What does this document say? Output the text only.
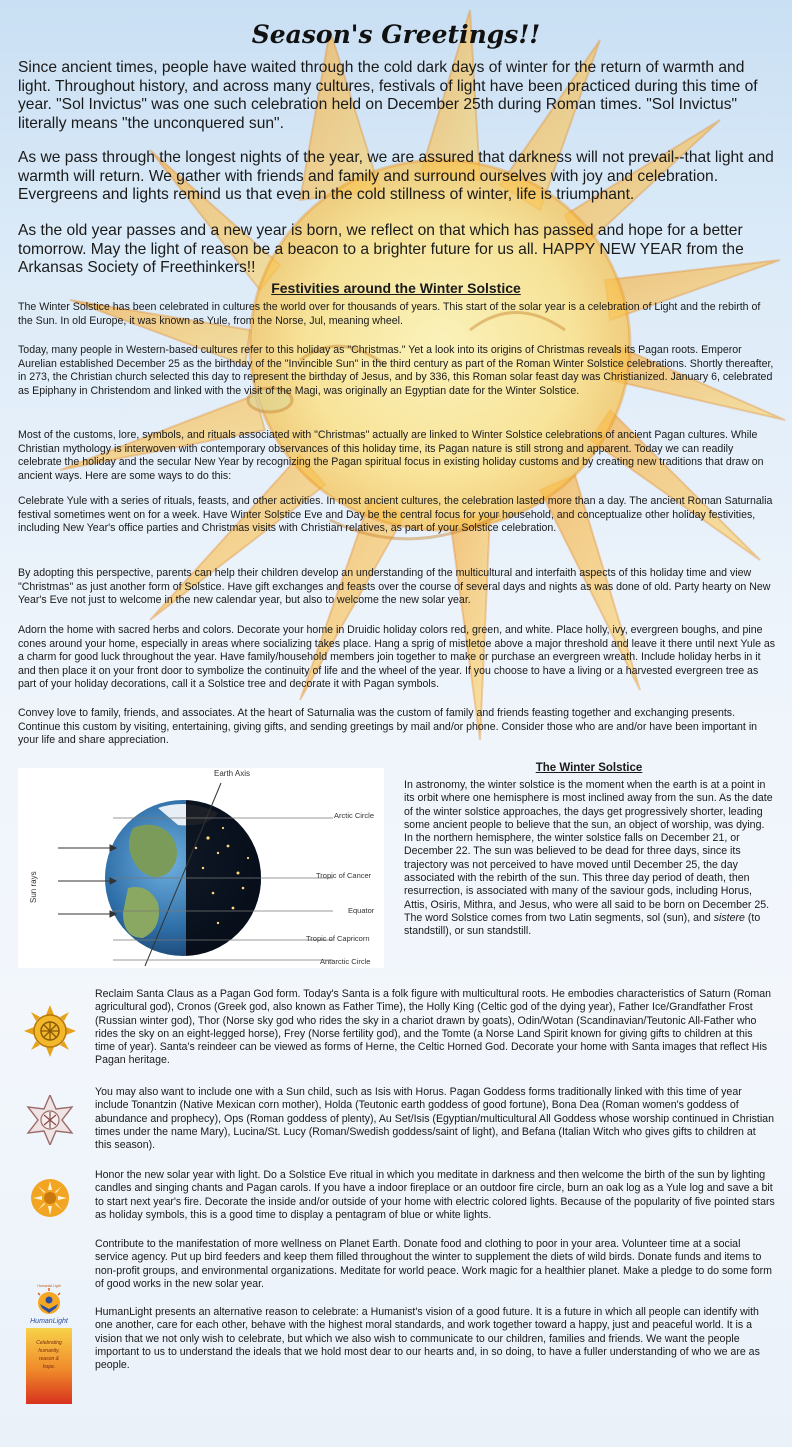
Season's Greetings!!

Since ancient times, people have waited through the cold dark days of winter for the return of warmth and light. Throughout history, and across many cultures, festivals of light have been practiced during this time of year. "Sol Invictus" was one such celebration held on December 25th during Roman times. "Sol Invictus" literally means "the unconquered sun".

As we pass through the longest nights of the year, we are assured that darkness will not prevail--that light and warmth will return. We gather with friends and family and surround ourselves with joy and celebration. Evergreens and lights remind us that even in the cold stillness of winter, life is triumphant.

As the old year passes and a new year is born, we reflect on that which has passed and hope for a better tomorrow. May the light of reason be a beacon to a brighter future for us all. HAPPY NEW YEAR from the Arkansas Society of Freethinkers!!

Festivities around the Winter Solstice

The Winter Solstice has been celebrated in cultures the world over for thousands of years. This start of the solar year is a celebration of Light and the rebirth of the Sun. In old Europe, it was known as Yule, from the Norse, Jul, meaning wheel.

Today, many people in Western-based cultures refer to this holiday as "Christmas." Yet a look into its origins of Christmas reveals its Pagan roots. Emperor Aurelian established December 25 as the birthday of the "Invincible Sun" in the third century as part of the Roman Winter Solstice celebrations. Shortly thereafter, in 273, the Christian church selected this day to represent the birthday of Jesus, and by 336, this Roman solar feast day was Christianized. January 6, celebrated as Epiphany in Christendom and linked with the visit of the Magi, was originally an Egyptian date for the Winter Solstice.

Most of the customs, lore, symbols, and rituals associated with "Christmas" actually are linked to Winter Solstice celebrations of ancient Pagan cultures. While Christian mythology is interwoven with contemporary observances of this holiday time, its Pagan nature is still strong and apparent. Today we can readily celebrate the holiday and the secular New Year by recognizing the Pagan spiritual focus in existing holiday customs and by creating new traditions that draw on ancient ways. Here are some ways to do this:

Celebrate Yule with a series of rituals, feasts, and other activities. In most ancient cultures, the celebration lasted more than a day. The ancient Roman Saturnalia festival sometimes went on for a week. Have Winter Solstice Eve and Day be the central focus for your household, and conceptualize other holiday festivities, including New Year's office parties and Christmas visits with Christian relatives, as part of your Solstice celebration.

By adopting this perspective, parents can help their children develop an understanding of the multicultural and interfaith aspects of this holiday time and view "Christmas" as just another form of Solstice. Have gift exchanges and feasts over the course of several days and nights as was done of old. Party hearty on New Year's Eve not just to welcome in the new calendar year, but also to welcome the new solar year.

Adorn the home with sacred herbs and colors. Decorate your home in Druidic holiday colors red, green, and white. Place holly, ivy, evergreen boughs, and pine cones around your home, especially in areas where socializing takes place. Hang a sprig of mistletoe above a major threshold and leave it there until next Yule as a charm for good luck throughout the year. Have family/household members join together to make or purchase an evergreen wreath. Include holiday herbs in it and then place it on your front door to symbolize the continuity of life and the wheel of the year. If you choose to have a living or a harvested evergreen tree as part of your holiday decorations, call it a Solstice tree and decorate it with Pagan symbols.

Convey love to family, friends, and associates. At the heart of Saturnalia was the custom of family and friends feasting together and exchanging presents. Continue this custom by visiting, entertaining, giving gifts, and sending greetings by mail and/or phone. Consider those who are and/or have been important in your life and share appreciation.

Earth Axis
Sun rays
Arctic Circle
Tropic of Cancer
Equator
Tropic of Capricorn
Antarctic Circle
The Winter Solstice

In astronomy, the winter solstice is the moment when the earth is at a point in its orbit where one hemisphere is most inclined away from the sun. As the date of the winter solstice approaches, the days get progressively shorter, leading some ancient people to believe that the sun, an object of worship, was dying. In the northern hemisphere, the winter solstice falls on December 21, or December 22. The sun was believed to be dead for three days, since its trajectory was not perceived to have moved until December 25, the day associated with the rebirth of the sun. This three day period of death, then resurrection, is associated with many of the saviour gods, including Horus, Attis, Osiris, Mithra, and Jesus, who were all said to be born on December 25. The word Solstice comes from two Latin segments, sol (sun), and sistere (to standstill), or sun standstill.

Humanist Light
HumanLight
Celebrating
humanity,
reason &
hope.

Reclaim Santa Claus as a Pagan God form. Today's Santa is a folk figure with multicultural roots. He embodies characteristics of Saturn (Roman agricultural god), Cronos (Greek god, also known as Father Time), the Holly King (Celtic god of the dying year), Father Ice/Grandfather Frost (Russian winter god), Thor (Norse sky god who rides the sky in a chariot drawn by goats), Odin/Wotan (Scandinavian/Teutonic All-Father who rides the sky on an eight-legged horse), Frey (Norse fertility god), and the Tomte (a Norse Land Spirit known for giving gifts to children at this time of year). Santa's reindeer can be viewed as forms of Herne, the Celtic Horned God. Decorate your home with Santa images that reflect His Pagan heritage.

You may also want to include one with a Sun child, such as Isis with Horus. Pagan Goddess forms traditionally linked with this time of year include Tonantzin (Native Mexican corn mother), Holda (Teutonic earth goddess of good fortune), Bona Dea (Roman women's goddess of abundance and prophecy), Ops (Roman goddess of plenty), Au Set/Isis (Egyptian/multicultural All Goddess whose worship continued in Christian times under the name Mary), Lucina/St. Lucy (Roman/Swedish goddess/saint of light), and Befana (Italian Witch who gives gifts to children at this season).

Honor the new solar year with light. Do a Solstice Eve ritual in which you meditate in darkness and then welcome the birth of the sun by lighting candles and singing chants and Pagan carols. If you have a indoor fireplace or an outdoor fire circle, burn an oak log as a Yule log and save a bit to start next year's fire. Decorate the inside and/or outside of your home with electric colored lights. Because of the popularity of five pointed stars as holiday symbols, this is a good time to display a pentagram of blue or white lights.

Contribute to the manifestation of more wellness on Planet Earth. Donate food and clothing to poor in your area. Volunteer time at a social service agency. Put up bird feeders and keep them filled throughout the winter to supplement the diets of wild birds. Donate funds and items to non-profit groups, and environmental organizations. Meditate for world peace. Work magic for a healthier planet. Make a pledge to do some form of good works in the new solar year.

HumanLight presents an alternative reason to celebrate: a Humanist's vision of a good future. It is a future in which all people can identify with one another, care for each other, behave with the highest moral standards, and work together toward a happy, just and peaceful world. It is a vision that we not only wish to celebrate, but which we also wish to communicate to our children, families and friends. We want the people important to us to understand the ideals that we hold most dear to our hearts and, in so doing, to have a fuller understanding of who we are as people.
